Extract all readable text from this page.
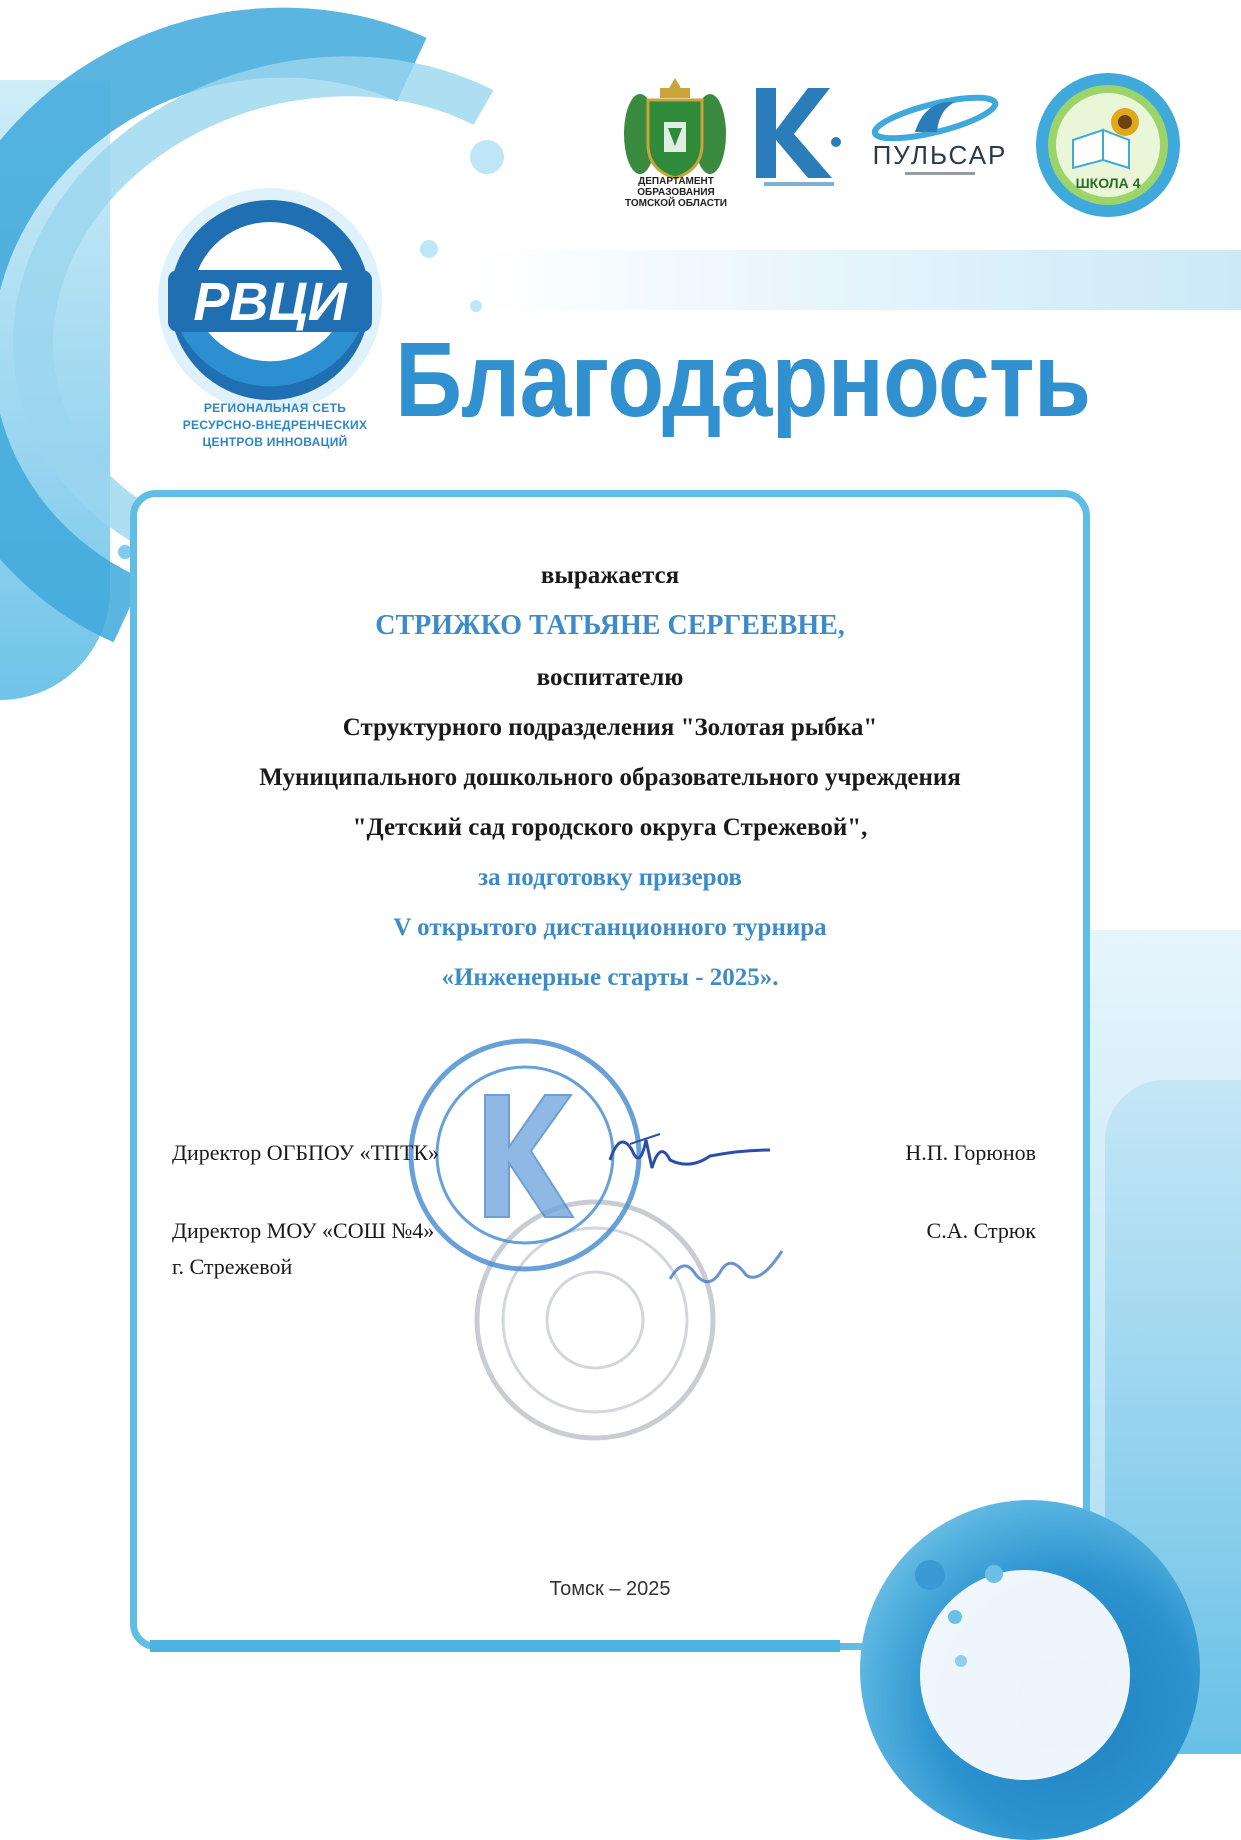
РВЦИ
РЕГИОНАЛЬНАЯ СЕТЬ
РЕСУРСНО-ВНЕДРЕНЧЕСКИХ
ЦЕНТРОВ ИННОВАЦИЙ
ДЕПАРТАМЕНТ
ОБРАЗОВАНИЯ
ТОМСКОЙ ОБЛАСТИ
ПУЛЬСАР
ШКОЛА 4
Благодарность
выражается
СТРИЖКО ТАТЬЯНЕ СЕРГЕЕВНЕ,
воспитателю
Структурного подразделения "Золотая рыбка"
Муниципального дошкольного образовательного учреждения
"Детский сад городского округа Стрежевой",
за подготовку призеров
V открытого дистанционного турнира
«Инженерные старты - 2025».
Директор ОГБПОУ «ТПТК»	Н.П. Горюнов
Директор МОУ «СОШ №4»
г. Стрежевой
С.А. Стрюк
Томск – 2025
